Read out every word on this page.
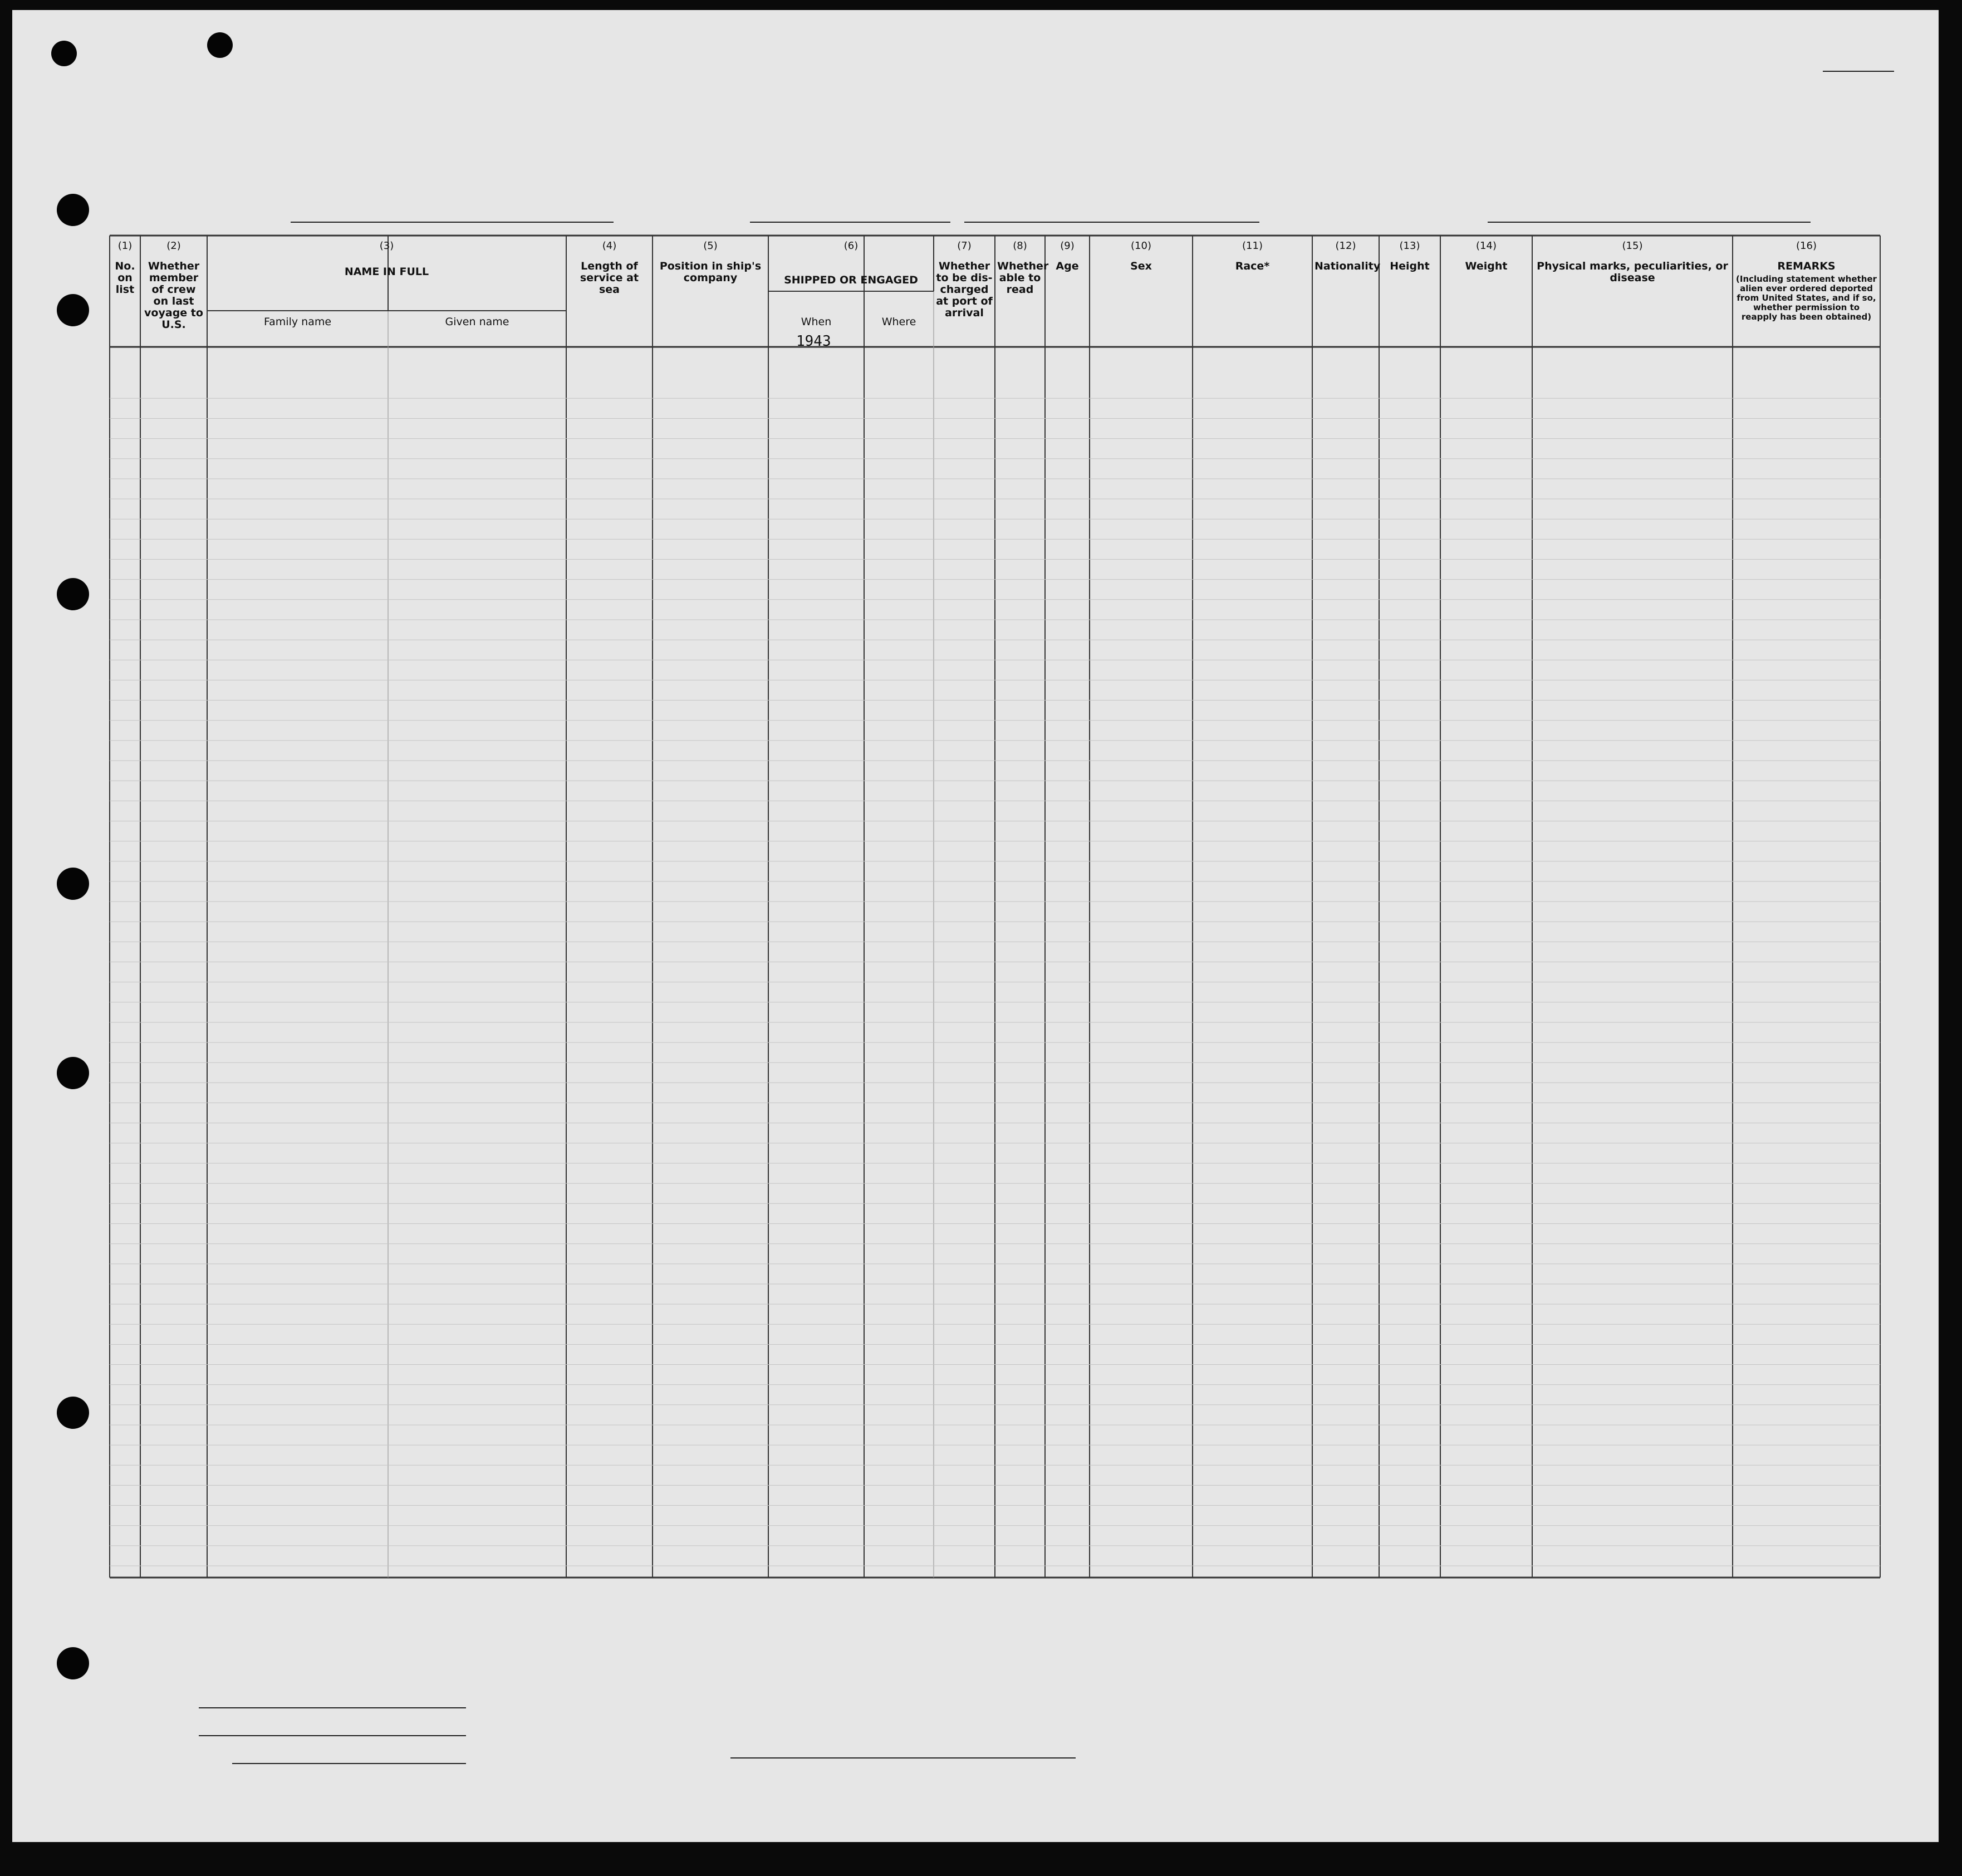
(1)
No. on list
(2)
Whether member of crew on last voyage to U.S.
(3)
NAME IN FULL
Family name	Given name
(4)
Length of service at sea
(5)
Position in ship's company
(6)
SHIPPED OR ENGAGED
When	Where
1943
(7)
Whether to be dis-charged at port of arrival
(8)
Whether able to read
(9)
Age
(10)
Sex
(11)
Race*
(12)
Nationality
(13)
Height
(14)
Weight
(15)
Physical marks, peculiarities, or disease
(16)
REMARKS
(Including statement whether alien ever ordered deported from United States, and if so, whether permission to reapply has been obtained)
